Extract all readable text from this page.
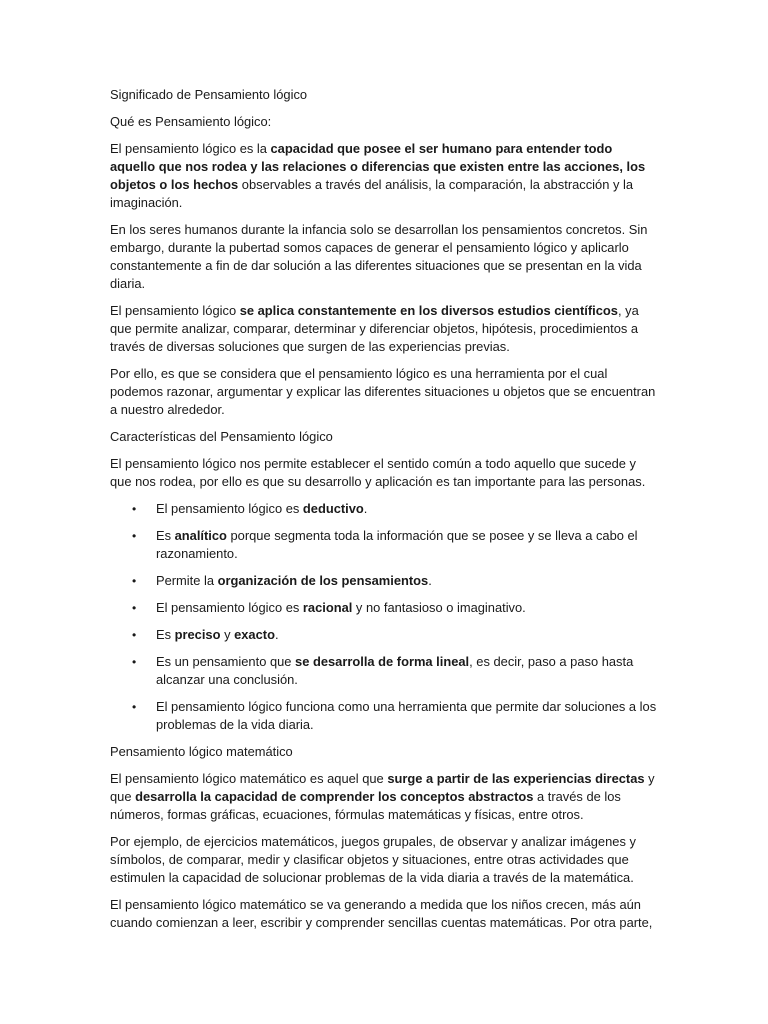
Significado de Pensamiento lógico
Qué es Pensamiento lógico:
El pensamiento lógico es la capacidad que posee el ser humano para entender todo aquello que nos rodea y las relaciones o diferencias que existen entre las acciones, los objetos o los hechos observables a través del análisis, la comparación, la abstracción y la imaginación.
En los seres humanos durante la infancia solo se desarrollan los pensamientos concretos. Sin embargo, durante la pubertad somos capaces de generar el pensamiento lógico y aplicarlo constantemente a fin de dar solución a las diferentes situaciones que se presentan en la vida diaria.
El pensamiento lógico se aplica constantemente en los diversos estudios científicos, ya que permite analizar, comparar, determinar y diferenciar objetos, hipótesis, procedimientos a través de diversas soluciones que surgen de las experiencias previas.
Por ello, es que se considera que el pensamiento lógico es una herramienta por el cual podemos razonar, argumentar y explicar las diferentes situaciones u objetos que se encuentran a nuestro alrededor.
Características del Pensamiento lógico
El pensamiento lógico nos permite establecer el sentido común a todo aquello que sucede y que nos rodea, por ello es que su desarrollo y aplicación es tan importante para las personas.
• El pensamiento lógico es deductivo.
• Es analítico porque segmenta toda la información que se posee y se lleva a cabo el razonamiento.
• Permite la organización de los pensamientos.
• El pensamiento lógico es racional y no fantasioso o imaginativo.
• Es preciso y exacto.
• Es un pensamiento que se desarrolla de forma lineal, es decir, paso a paso hasta alcanzar una conclusión.
• El pensamiento lógico funciona como una herramienta que permite dar soluciones a los problemas de la vida diaria.
Pensamiento lógico matemático
El pensamiento lógico matemático es aquel que surge a partir de las experiencias directas y que desarrolla la capacidad de comprender los conceptos abstractos a través de los números, formas gráficas, ecuaciones, fórmulas matemáticas y físicas, entre otros.
Por ejemplo, de ejercicios matemáticos, juegos grupales, de observar y analizar imágenes y símbolos, de comparar, medir y clasificar objetos y situaciones, entre otras actividades que estimulen la capacidad de solucionar problemas de la vida diaria a través de la matemática.
El pensamiento lógico matemático se va generando a medida que los niños crecen, más aún cuando comienzan a leer, escribir y comprender sencillas cuentas matemáticas. Por otra parte,
